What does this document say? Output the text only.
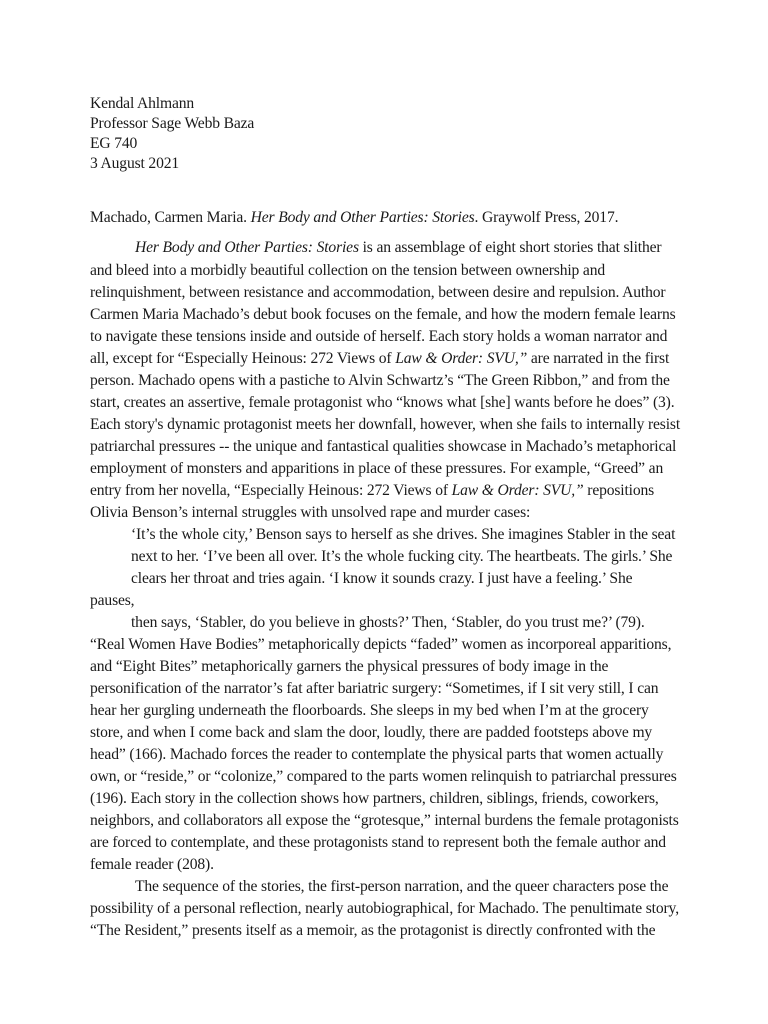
Kendal Ahlmann
Professor Sage Webb Baza
EG 740
3 August 2021
Machado, Carmen Maria. Her Body and Other Parties: Stories. Graywolf Press, 2017.
Her Body and Other Parties: Stories is an assemblage of eight short stories that slither
and bleed into a morbidly beautiful collection on the tension between ownership and
relinquishment, between resistance and accommodation, between desire and repulsion. Author
Carmen Maria Machado’s debut book focuses on the female, and how the modern female learns
to navigate these tensions inside and outside of herself. Each story holds a woman narrator and
all, except for “Especially Heinous: 272 Views of Law & Order: SVU,” are narrated in the first
person. Machado opens with a pastiche to Alvin Schwartz’s “The Green Ribbon,” and from the
start, creates an assertive, female protagonist who “knows what [she] wants before he does” (3).
Each story's dynamic protagonist meets her downfall, however, when she fails to internally resist
patriarchal pressures -- the unique and fantastical qualities showcase in Machado’s metaphorical
employment of monsters and apparitions in place of these pressures. For example, “Greed” an
entry from her novella, “Especially Heinous: 272 Views of Law & Order: SVU,” repositions
Olivia Benson’s internal struggles with unsolved rape and murder cases:
‘It’s the whole city,’ Benson says to herself as she drives. She imagines Stabler in the seat
next to her. ‘I’ve been all over. It’s the whole fucking city. The heartbeats. The girls.’ She
clears her throat and tries again. ‘I know it sounds crazy. I just have a feeling.’ She
pauses,
then says, ‘Stabler, do you believe in ghosts?’ Then, ‘Stabler, do you trust me?’ (79).
“Real Women Have Bodies” metaphorically depicts “faded” women as incorporeal apparitions,
and “Eight Bites” metaphorically garners the physical pressures of body image in the
personification of the narrator’s fat after bariatric surgery: “Sometimes, if I sit very still, I can
hear her gurgling underneath the floorboards. She sleeps in my bed when I’m at the grocery
store, and when I come back and slam the door, loudly, there are padded footsteps above my
head” (166). Machado forces the reader to contemplate the physical parts that women actually
own, or “reside,” or “colonize,” compared to the parts women relinquish to patriarchal pressures
(196). Each story in the collection shows how partners, children, siblings, friends, coworkers,
neighbors, and collaborators all expose the “grotesque,” internal burdens the female protagonists
are forced to contemplate, and these protagonists stand to represent both the female author and
female reader (208).
The sequence of the stories, the first-person narration, and the queer characters pose the
possibility of a personal reflection, nearly autobiographical, for Machado. The penultimate story,
“The Resident,” presents itself as a memoir, as the protagonist is directly confronted with the
